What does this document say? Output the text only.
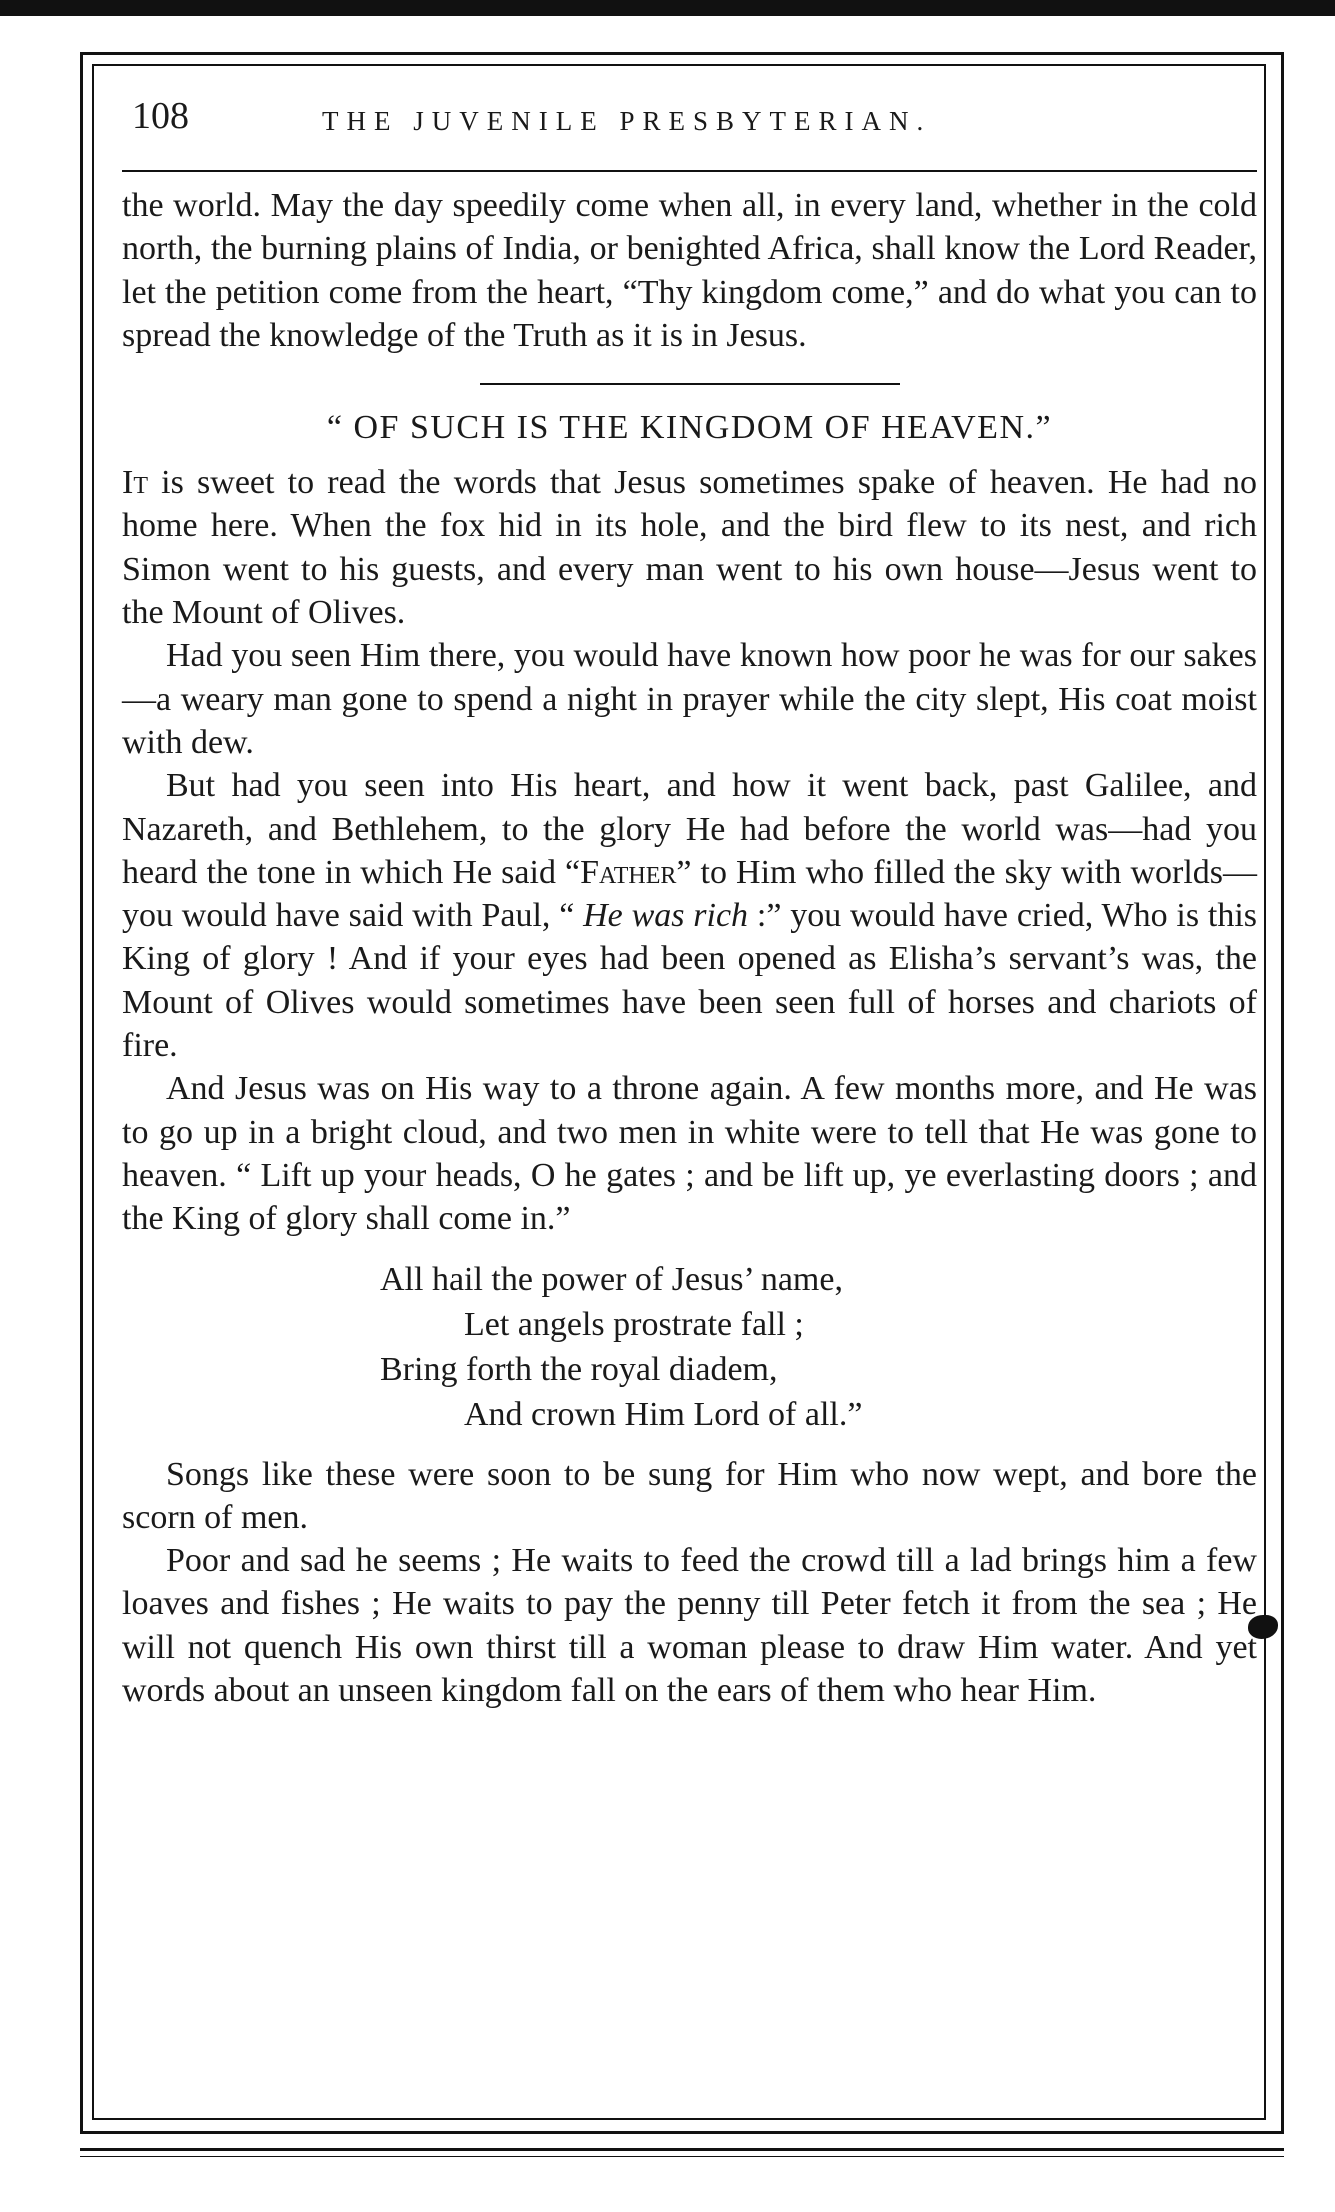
108	THE JUVENILE PRESBYTERIAN.

the world. May the day speedily come when all, in every land, whether in the cold north, the burning plains of India, or benighted Africa, shall know the Lord Reader, let the petition come from the heart, “Thy kingdom come,” and do what you can to spread the knowledge of the Truth as it is in Jesus.

“ OF SUCH IS THE KINGDOM OF HEAVEN.”

It is sweet to read the words that Jesus sometimes spake of heaven. He had no home here. When the fox hid in its hole, and the bird flew to its nest, and rich Simon went to his guests, and every man went to his own house—Jesus went to the Mount of Olives.

Had you seen Him there, you would have known how poor he was for our sakes—a weary man gone to spend a night in prayer while the city slept, His coat moist with dew.

But had you seen into His heart, and how it went back, past Galilee, and Nazareth, and Bethlehem, to the glory He had before the world was—had you heard the tone in which He said “Father” to Him who filled the sky with worlds—you would have said with Paul, “ He was rich :” you would have cried, Who is this King of glory ! And if your eyes had been opened as Elisha’s servant’s was, the Mount of Olives would sometimes have been seen full of horses and chariots of fire.

And Jesus was on His way to a throne again. A few months more, and He was to go up in a bright cloud, and two men in white were to tell that He was gone to heaven. “ Lift up your heads, O he gates ; and be lift up, ye everlasting doors ; and the King of glory shall come in.”

All hail the power of Jesus’ name,
Let angels prostrate fall ;
Bring forth the royal diadem,
And crown Him Lord of all.”

Songs like these were soon to be sung for Him who now wept, and bore the scorn of men.

Poor and sad he seems ; He waits to feed the crowd till a lad brings him a few loaves and fishes ; He waits to pay the penny till Peter fetch it from the sea ; He will not quench His own thirst till a woman please to draw Him water. And yet words about an unseen kingdom fall on the ears of them who hear Him.
